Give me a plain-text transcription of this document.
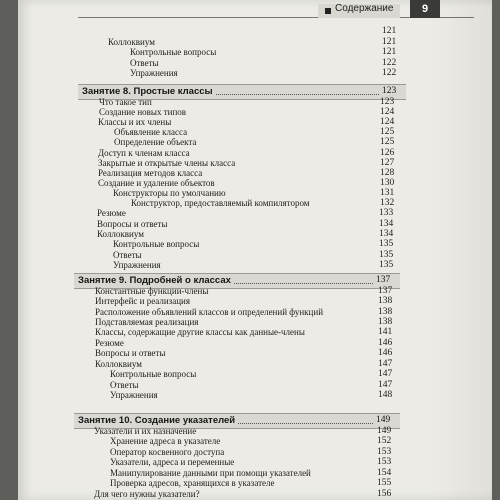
Содержание	9
121
Коллоквиум	121
Контрольные вопросы	121
Ответы	122
Упражнения	122
Занятие 8. Простые классы	123
Что такое тип	123
Создание новых типов	124
Классы и их члены	124
Объявление класса	125
Определение объекта	125
Доступ к членам класса	126
Закрытые и открытые члены класса	127
Реализация методов класса	128
Создание и удаление объектов	130
Конструкторы по умолчанию	131
Конструктор, предоставляемый компилятором	132
Резюме	133
Вопросы и ответы	134
Коллоквиум	134
Контрольные вопросы	135
Ответы	135
Упражнения	135
Занятие 9. Подробней о классах	137
Константные функции-члены	137
Интерфейс и реализация	138
Расположение объявлений классов и определений функций	138
Подставляемая реализация	138
Классы, содержащие другие классы как данные-члены	141
Резюме	146
Вопросы и ответы	146
Коллоквиум	147
Контрольные вопросы	147
Ответы	147
Упражнения	148
Занятие 10. Создание указателей	149
Указатели и их назначение	149
Хранение адреса в указателе	152
Оператор косвенного доступа	153
Указатели, адреса и переменные	153
Манипулирование данными при помощи указателей	154
Проверка адресов, хранящихся в указателе	155
Для чего нужны указатели?	156
